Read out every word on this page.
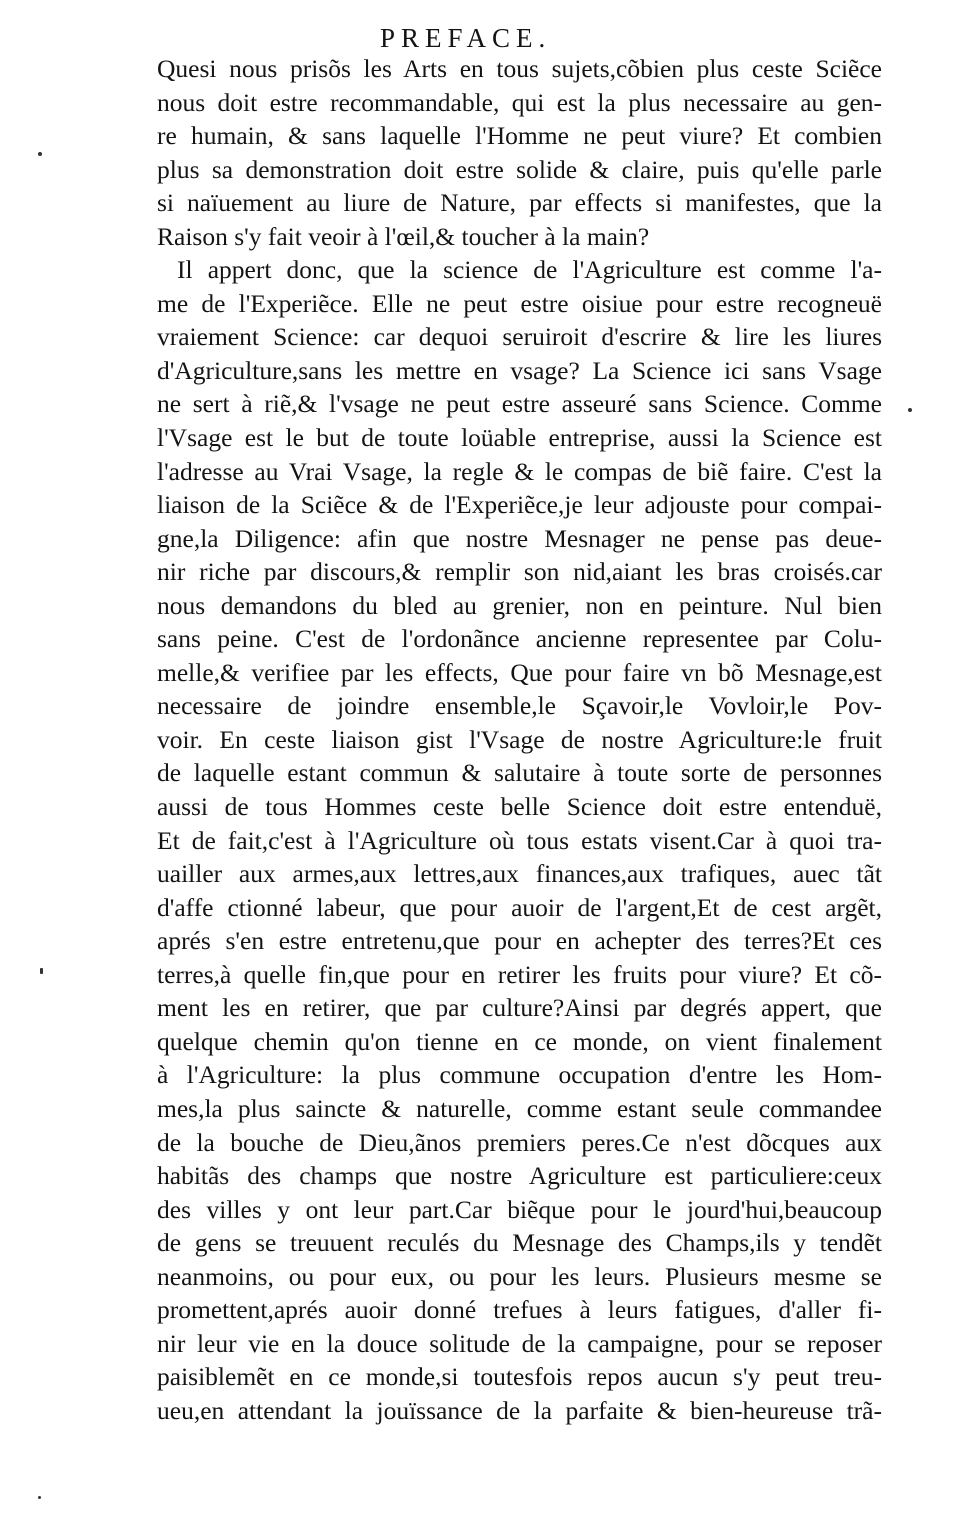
PREFACE.
Quesi nous prisõs les Arts en tous sujets,cõbien plus ceste Sciẽce
nous doit estre recommandable, qui est la plus necessaire au gen-
re humain, & sans laquelle l'Homme ne peut viure? Et combien
plus sa demonstration doit estre solide & claire, puis qu'elle parle
si naïuement au liure de Nature, par effects si manifestes, que la
Raison s'y fait veoir à l'œil,& toucher à la main?
Il appert donc, que la science de l'Agriculture est comme l'a-
me de l'Experiẽce. Elle ne peut estre oisiue pour estre recogneuë
vraiement Science: car dequoi seruiroit d'escrire & lire les liures
d'Agriculture,sans les mettre en vsage? La Science ici sans Vsage
ne sert à riẽ,& l'vsage ne peut estre asseuré sans Science. Comme
l'Vsage est le but de toute loüable entreprise, aussi la Science est
l'adresse au Vrai Vsage, la regle & le compas de biẽ faire. C'est la
liaison de la Sciẽce & de l'Experiẽce,je leur adjouste pour compai-
gne,la Diligence: afin que nostre Mesnager ne pense pas deue-
nir riche par discours,& remplir son nid,aiant les bras croisés.car
nous demandons du bled au grenier, non en peinture. Nul bien
sans peine. C'est de l'ordonãnce ancienne representee par Colu-
melle,& verifiee par les effects, Que pour faire vn bõ Mesnage,est
necessaire de joindre ensemble,le Sçavoir,le Vovloir,le Pov-
voir. En ceste liaison gist l'Vsage de nostre Agriculture:le fruit
de laquelle estant commun & salutaire à toute sorte de personnes
aussi de tous Hommes ceste belle Science doit estre entenduë,
Et de fait,c'est à l'Agriculture où tous estats visent.Car à quoi tra-
uailler aux armes,aux lettres,aux finances,aux trafiques, auec tãt
d'affe ctionné labeur, que pour auoir de l'argent,Et de cest argẽt,
aprés s'en estre entretenu,que pour en achepter des terres?Et ces
terres,à quelle fin,que pour en retirer les fruits pour viure? Et cõ-
ment les en retirer, que par culture?Ainsi par degrés appert, que
quelque chemin qu'on tienne en ce monde, on vient finalement
à l'Agriculture: la plus commune occupation d'entre les Hom-
mes,la plus saincte & naturelle, comme estant seule commandee
de la bouche de Dieu,ãnos premiers peres.Ce n'est dõcques aux
habitãs des champs que nostre Agriculture est particuliere:ceux
des villes y ont leur part.Car biẽque pour le jourd'hui,beaucoup
de gens se treuuent reculés du Mesnage des Champs,ils y tendẽt
neanmoins, ou pour eux, ou pour les leurs. Plusieurs mesme se
promettent,aprés auoir donné trefues à leurs fatigues, d'aller fi-
nir leur vie en la douce solitude de la campaigne, pour se reposer
paisiblemẽt en ce monde,si toutesfois repos aucun s'y peut treu-
ueu,en attendant la jouïssance de la parfaite & bien-heureuse trã-
